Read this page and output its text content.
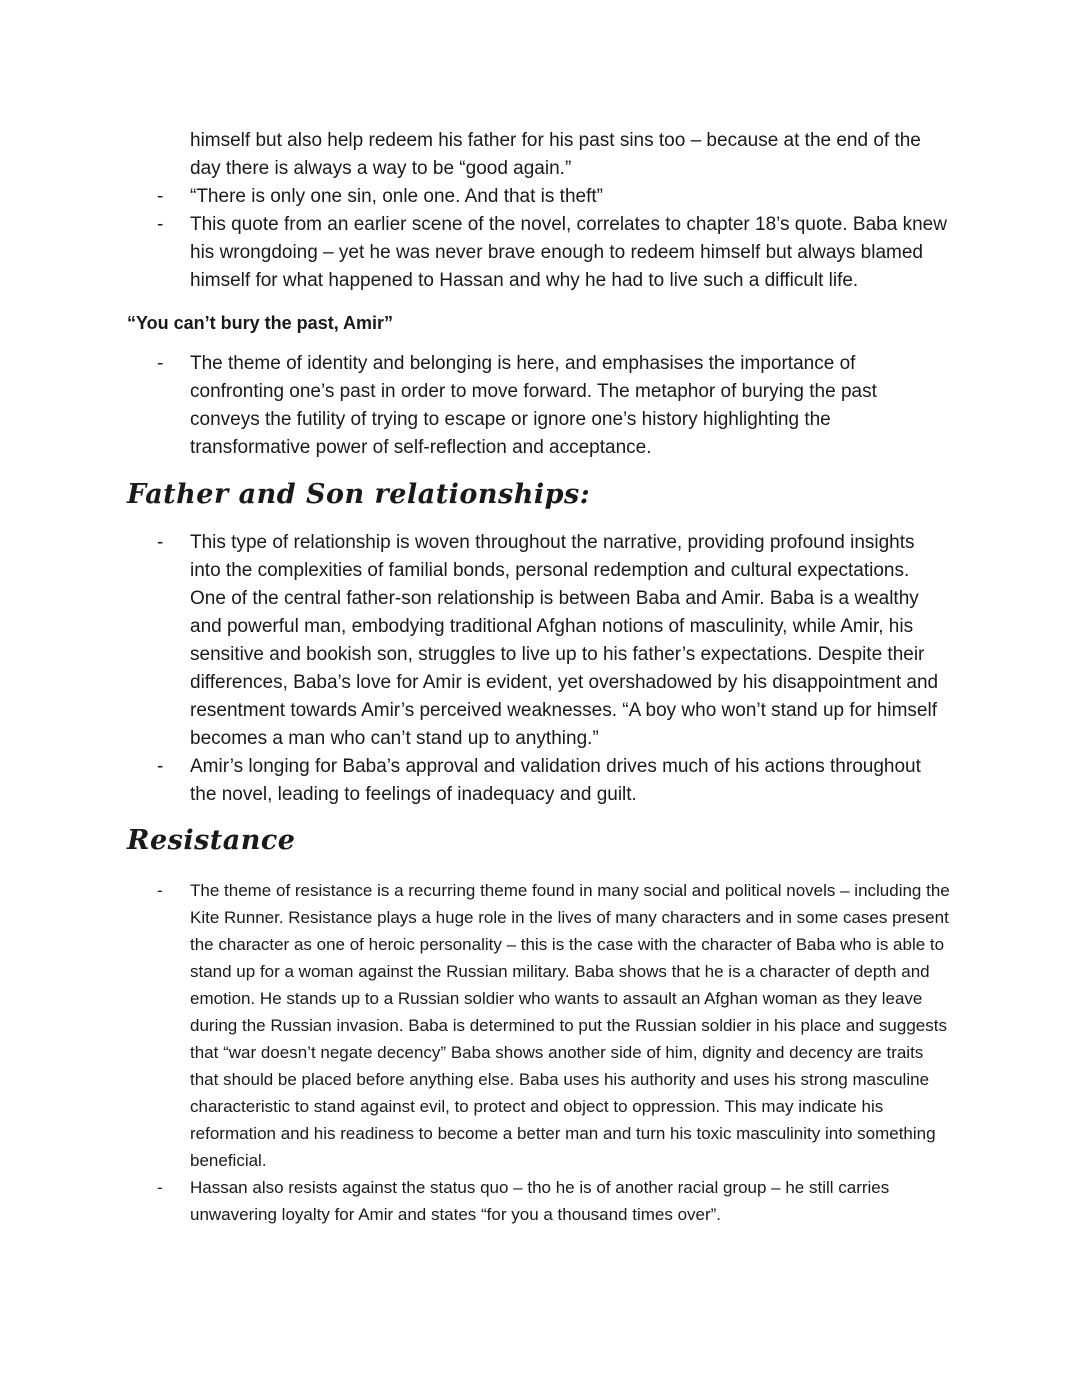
himself but also help redeem his father for his past sins too – because at the end of the day there is always a way to be “good again.”
-	“There is only one sin, onle one. And that is theft”
-	This quote from an earlier scene of the novel, correlates to chapter 18’s quote. Baba knew his wrongdoing – yet he was never brave enough to redeem himself but always blamed himself for what happened to Hassan and why he had to live such a difficult life.
“You can’t bury the past, Amir”
-	The theme of identity and belonging is here, and emphasises the importance of confronting one’s past in order to move forward. The metaphor of burying the past conveys the futility of trying to escape or ignore one’s history highlighting the transformative power of self-reflection and acceptance.
Father and Son relationships:
-	This type of relationship is woven throughout the narrative, providing profound insights into the complexities of familial bonds, personal redemption and cultural expectations. One of the central father-son relationship is between Baba and Amir. Baba is a wealthy and powerful man, embodying traditional Afghan notions of masculinity, while Amir, his sensitive and bookish son, struggles to live up to his father’s expectations. Despite their differences, Baba’s love for Amir is evident, yet overshadowed by his disappointment and resentment towards Amir’s perceived weaknesses. “A boy who won’t stand up for himself becomes a man who can’t stand up to anything.”
-	Amir’s longing for Baba’s approval and validation drives much of his actions throughout the novel, leading to feelings of inadequacy and guilt.
Resistance
-	The theme of resistance is a recurring theme found in many social and political novels – including the Kite Runner. Resistance plays a huge role in the lives of many characters and in some cases present the character as one of heroic personality – this is the case with the character of Baba who is able to stand up for a woman against the Russian military. Baba shows that he is a character of depth and emotion. He stands up to a Russian soldier who wants to assault an Afghan woman as they leave during the Russian invasion. Baba is determined to put the Russian soldier in his place and suggests that “war doesn’t negate decency” Baba shows another side of him, dignity and decency are traits that should be placed before anything else. Baba uses his authority and uses his strong masculine characteristic to stand against evil, to protect and object to oppression. This may indicate his reformation and his readiness to become a better man and turn his toxic masculinity into something beneficial.
-	Hassan also resists against the status quo – tho he is of another racial group – he still carries unwavering loyalty for Amir and states “for you a thousand times over”.
